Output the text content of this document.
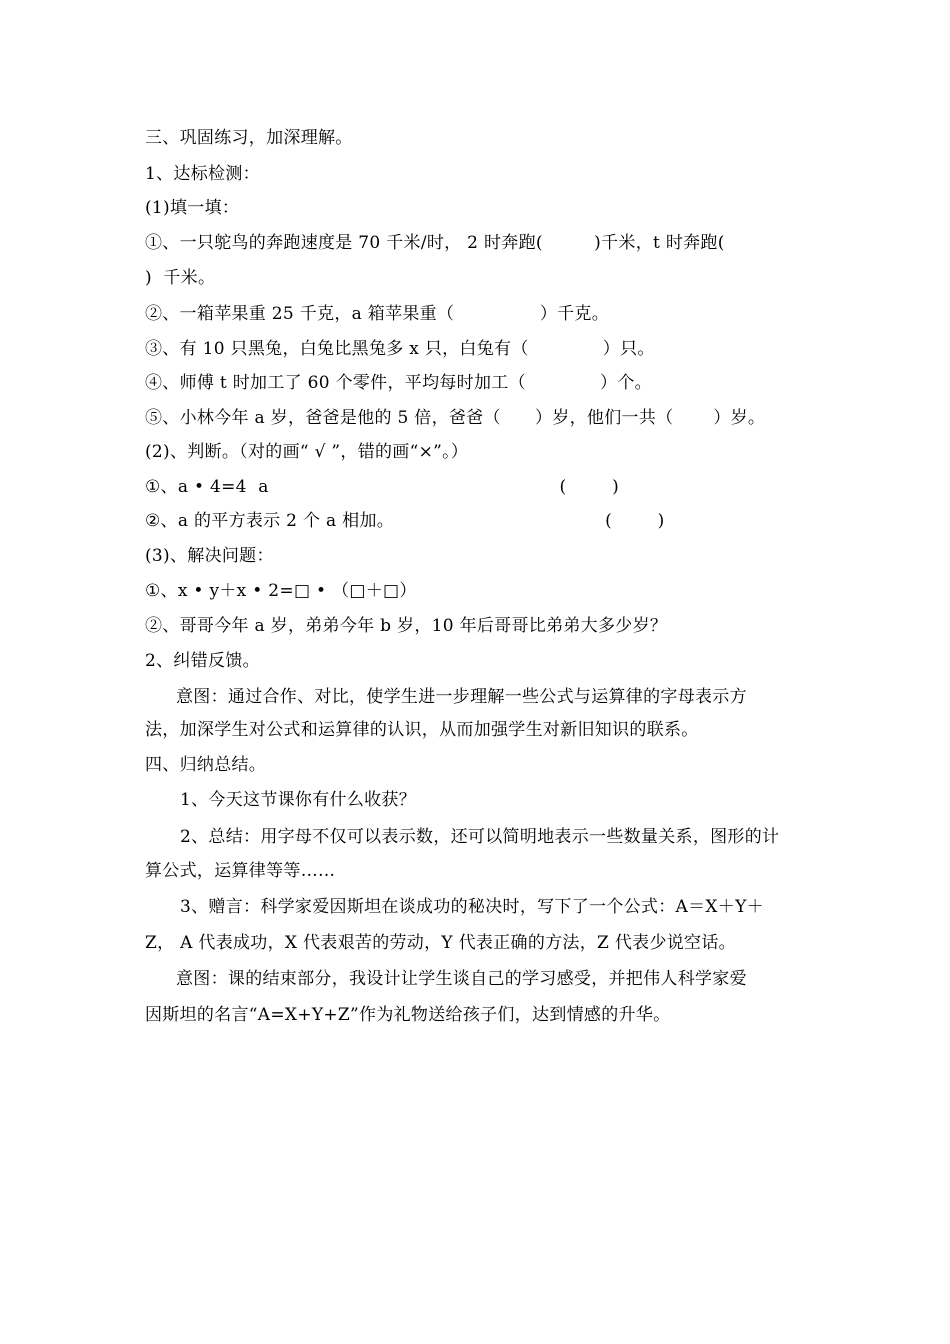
三、巩固练习，加深理解。
1、达标检测：
(1)填一填：
①、一只鸵鸟的奔跑速度是 70 千米/时， 2 时奔跑(         )千米，t 时奔跑(
)  千米。
②、一箱苹果重 25 千克，a 箱苹果重（               ）千克。
③、有 10 只黑兔，白兔比黑兔多 x 只，白兔有（             ）只。
④、师傅 t 时加工了 60 个零件，平均每时加工（             ）个。
⑤、小林今年 a 岁，爸爸是他的 5 倍，爸爸（      ）岁，他们一共（       ）岁。
(2)、判断。（对的画“ √ ”，错的画“×”。）
①、a • 4=4  a                                                   (        )
②、a 的平方表示 2 个 a 相加。                                     (        )
(3)、解决问题：
①、x • y＋x • 2=□ • （□＋□）
②、哥哥今年 a 岁，弟弟今年 b 岁，10 年后哥哥比弟弟大多少岁？
2、纠错反馈。
意图：通过合作、对比，使学生进一步理解一些公式与运算律的字母表示方
法，加深学生对公式和运算律的认识，从而加强学生对新旧知识的联系。
四、归纳总结。
1、今天这节课你有什么收获？
2、总结：用字母不仅可以表示数，还可以简明地表示一些数量关系，图形的计
算公式，运算律等等……
3、赠言：科学家爱因斯坦在谈成功的秘决时，写下了一个公式：A＝X＋Y＋
Z， A 代表成功，X 代表艰苦的劳动，Y 代表正确的方法，Z 代表少说空话。
意图：课的结束部分，我设计让学生谈自己的学习感受，并把伟人科学家爱
因斯坦的名言“A=X+Y+Z”作为礼物送给孩子们，达到情感的升华。
